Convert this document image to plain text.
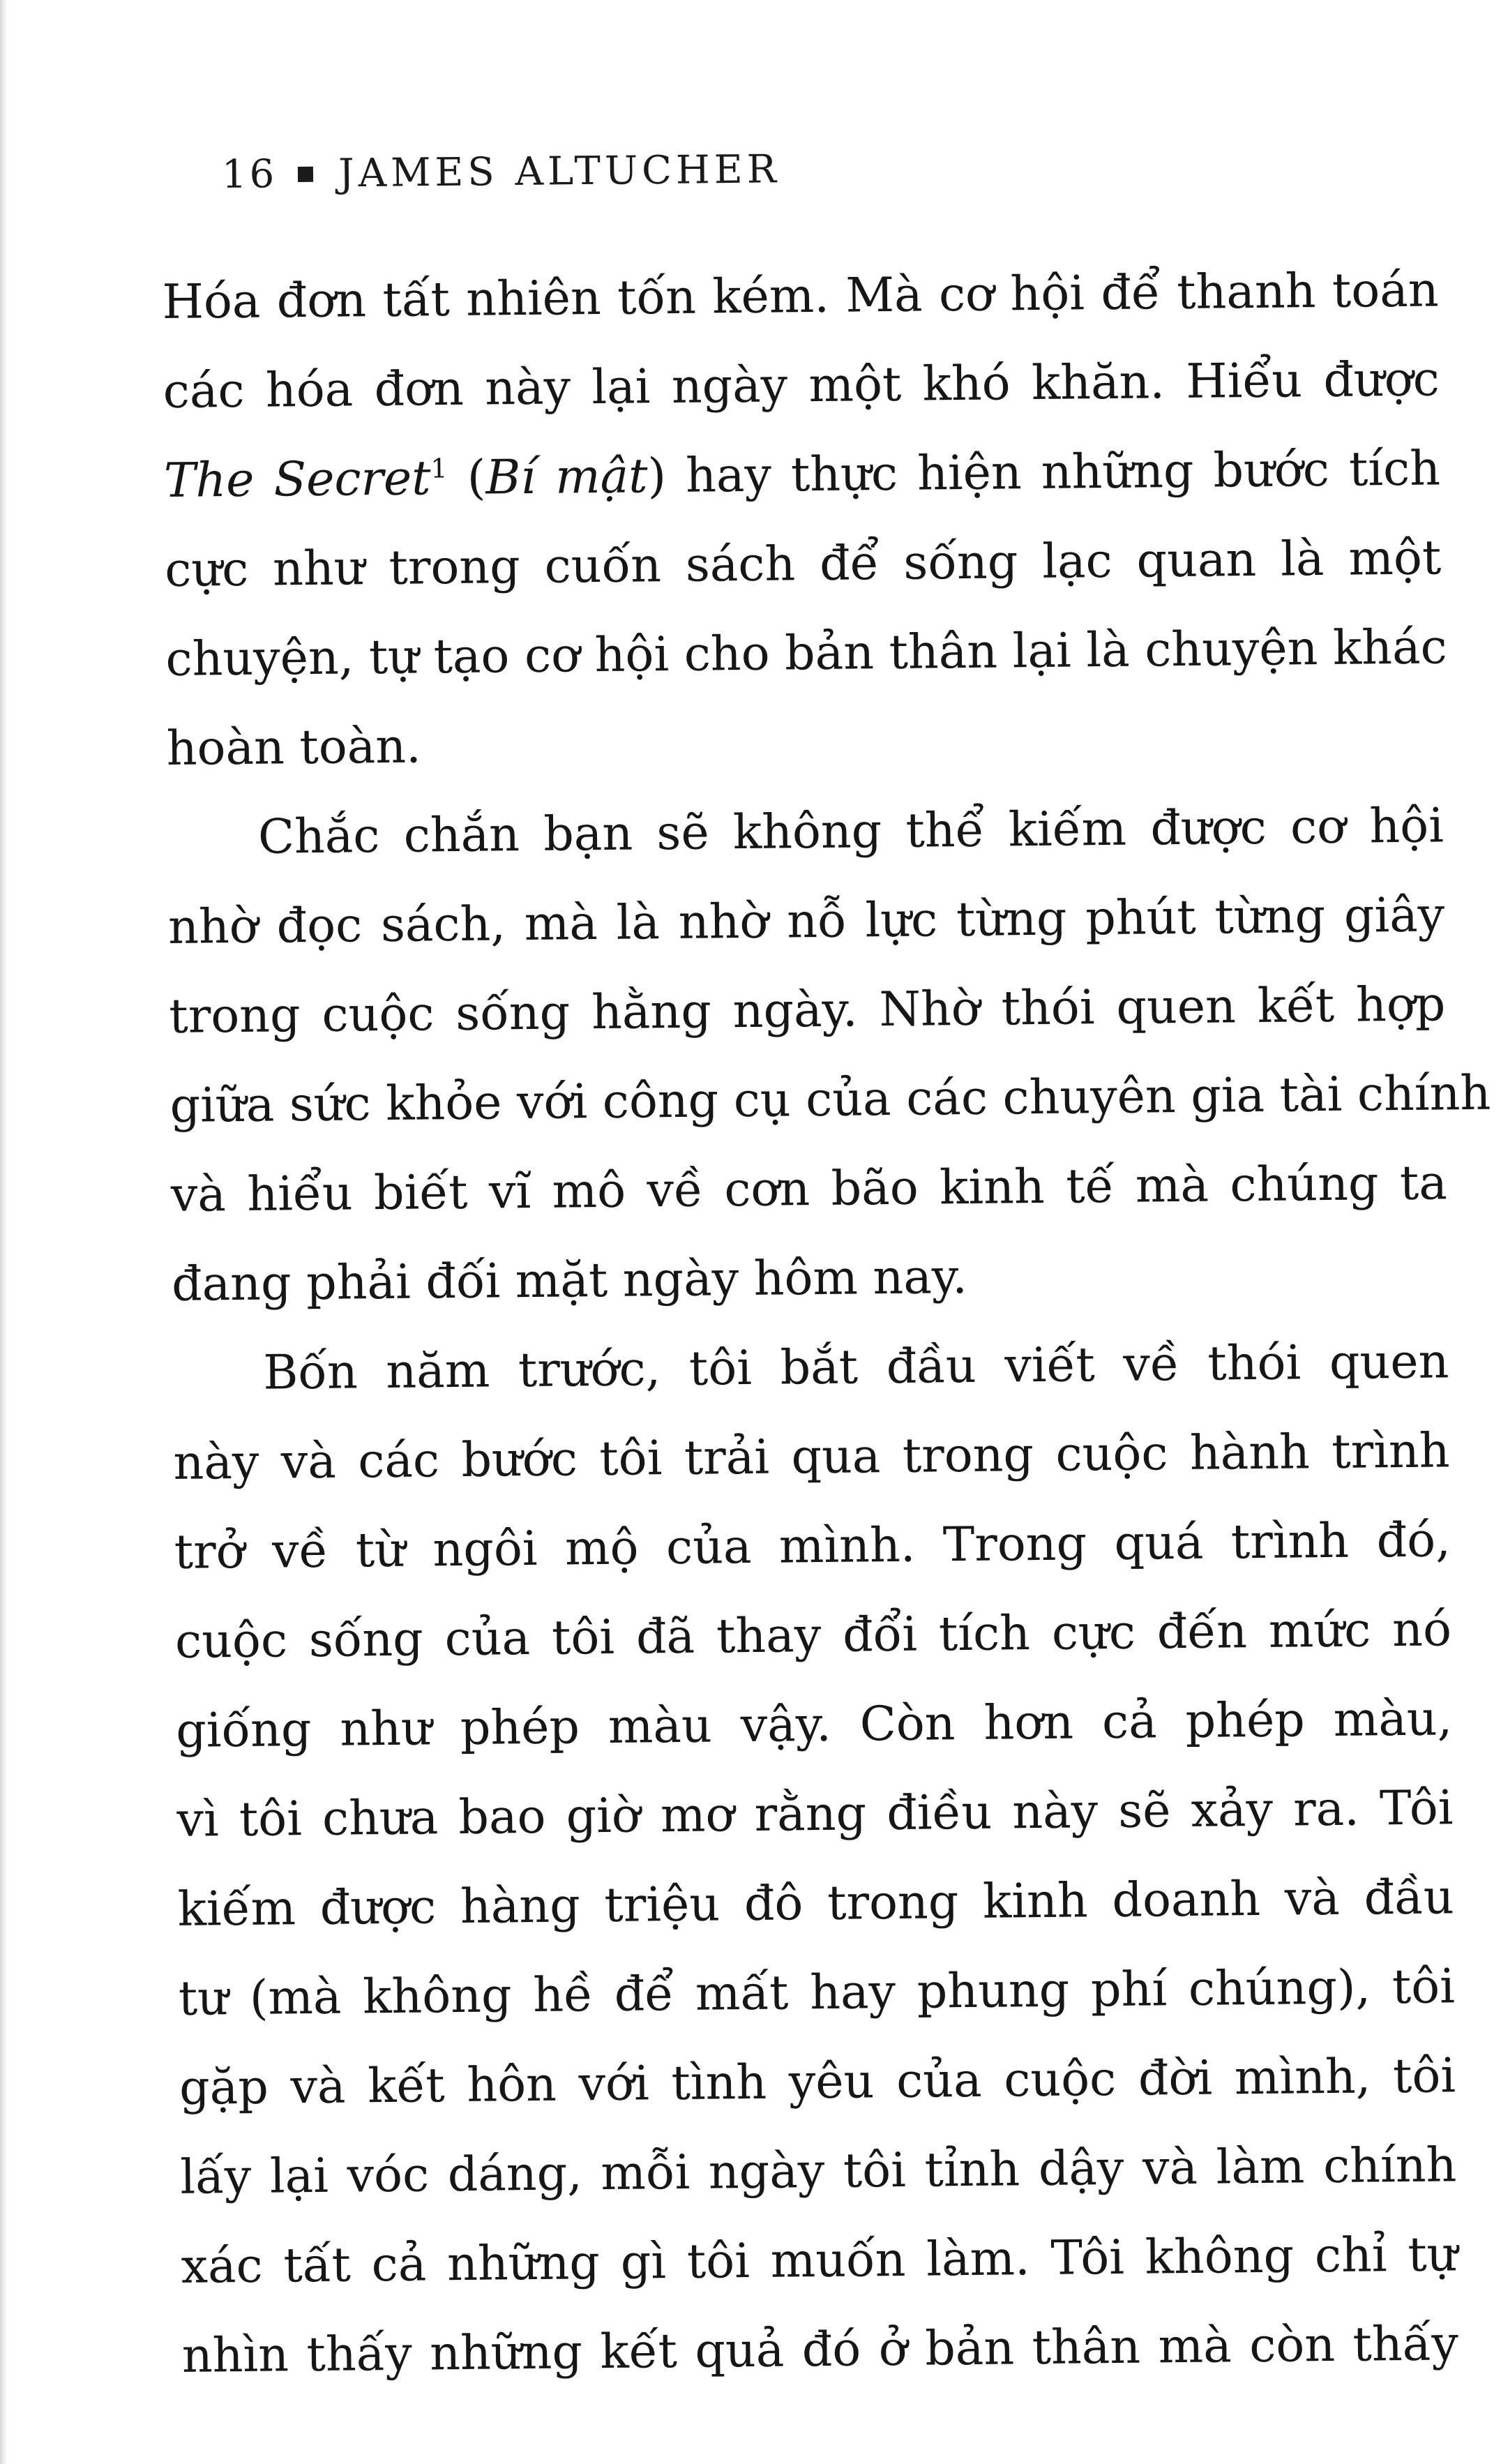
16 JAMES ALTUCHER

Hóa đơn tất nhiên tốn kém. Mà cơ hội để thanh toán
các hóa đơn này lại ngày một khó khăn. Hiểu được
The Secret$^1$ (Bí mật) hay thực hiện những bước tích
cực như trong cuốn sách để sống lạc quan là một
chuyện, tự tạo cơ hội cho bản thân lại là chuyện khác
hoàn toàn.

Chắc chắn bạn sẽ không thể kiếm được cơ hội
nhờ đọc sách, mà là nhờ nỗ lực từng phút từng giây
trong cuộc sống hằng ngày. Nhờ thói quen kết hợp
giữa sức khỏe với công cụ của các chuyên gia tài chính
và hiểu biết vĩ mô về cơn bão kinh tế mà chúng ta
đang phải đối mặt ngày hôm nay.

Bốn năm trước, tôi bắt đầu viết về thói quen
này và các bước tôi trải qua trong cuộc hành trình
trở về từ ngôi mộ của mình. Trong quá trình đó,
cuộc sống của tôi đã thay đổi tích cực đến mức nó
giống như phép màu vậy. Còn hơn cả phép màu,
vì tôi chưa bao giờ mơ rằng điều này sẽ xảy ra. Tôi
kiếm được hàng triệu đô trong kinh doanh và đầu
tư (mà không hề để mất hay phung phí chúng), tôi
gặp và kết hôn với tình yêu của cuộc đời mình, tôi
lấy lại vóc dáng, mỗi ngày tôi tỉnh dậy và làm chính
xác tất cả những gì tôi muốn làm. Tôi không chỉ tự
nhìn thấy những kết quả đó ở bản thân mà còn thấy
